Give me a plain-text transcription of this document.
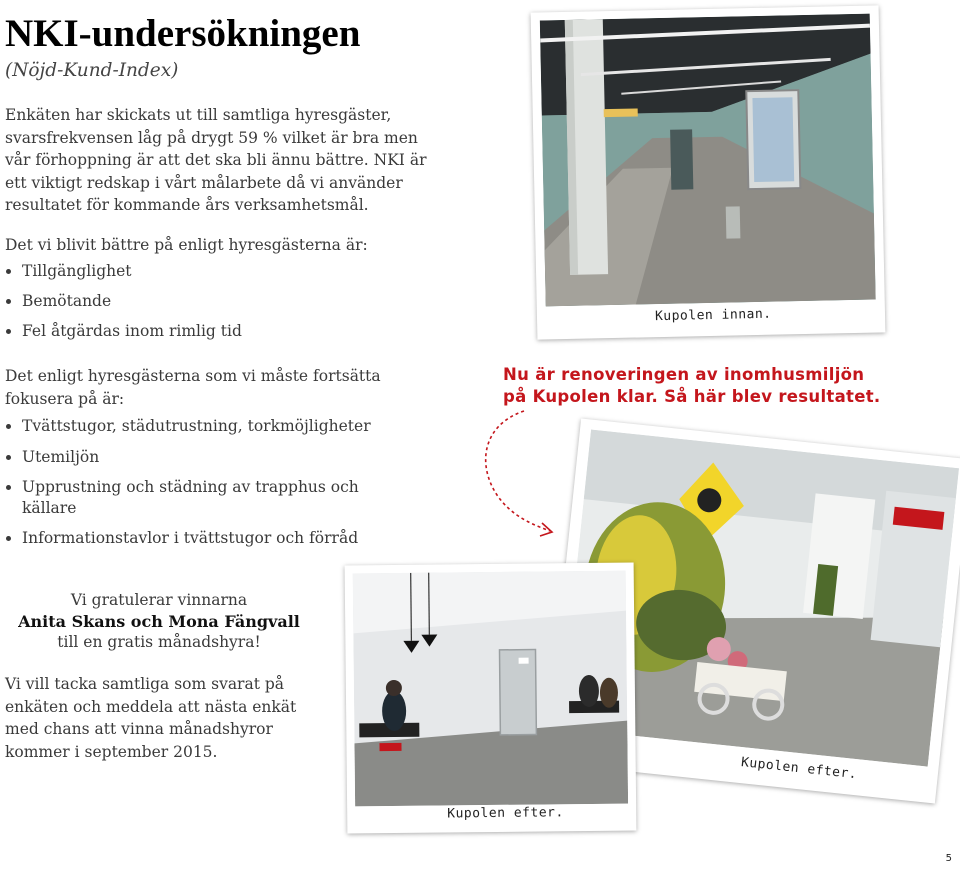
NKI-undersökningen

(Nöjd-Kund-Index)

Enkäten har skickats ut till samtliga hyresgäster, svarsfrekvensen låg på drygt 59 % vilket är bra men vår förhoppning är att det ska bli ännu bättre. NKI är ett viktigt redskap i vårt målarbete då vi använder resultatet för kommande års verksamhetsmål.

Det vi blivit bättre på enligt hyresgästerna är:

Tillgänglighet
Bemötande
Fel åtgärdas inom rimlig tid

Det enligt hyresgästerna som vi måste fortsätta fokusera på är:

Tvättstugor, städutrustning, torkmöjligheter
Utemiljön
Upprustning och städning av trapphus och källare
Informationstavlor i tvättstugor och förråd
Vi gratulerar vinnarna
Anita Skans och Mona Fängvall
till en gratis månadshyra!

Vi vill tacka samtliga som svarat på enkäten och meddela att nästa enkät med chans att vinna månadshyror kommer i september 2015.

Nu är renoveringen av inomhusmiljön
på Kupolen klar. Så här blev resultatet.

Kupolen innan.
Kupolen efter.
Kupolen efter.

5
